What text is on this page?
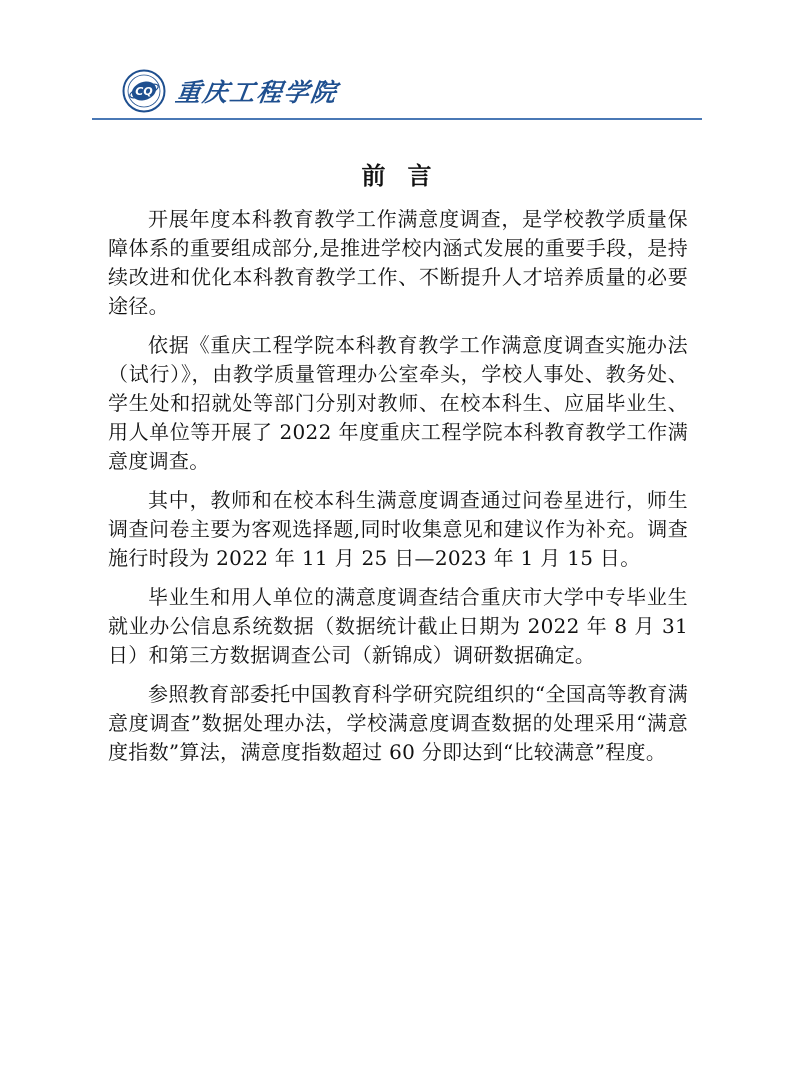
CQ 重庆工程学院
前言

开展年度本科教育教学工作满意度调查，是学校教学质量保障体系的重要组成部分,是推进学校内涵式发展的重要手段，是持续改进和优化本科教育教学工作、不断提升人才培养质量的必要途径。

依据《重庆工程学院本科教育教学工作满意度调查实施办法（试行）》，由教学质量管理办公室牵头，学校人事处、教务处、学生处和招就处等部门分别对教师、在校本科生、应届毕业生、用人单位等开展了 2022 年度重庆工程学院本科教育教学工作满意度调查。

其中，教师和在校本科生满意度调查通过问卷星进行，师生调查问卷主要为客观选择题,同时收集意见和建议作为补充。调查施行时段为 2022 年 11 月 25 日—2023 年 1 月 15 日。

毕业生和用人单位的满意度调查结合重庆市大学中专毕业生就业办公信息系统数据（数据统计截止日期为 2022 年 8 月 31 日）和第三方数据调查公司（新锦成）调研数据确定。

参照教育部委托中国教育科学研究院组织的“全国高等教育满意度调查”数据处理办法，学校满意度调查数据的处理采用“满意度指数”算法，满意度指数超过 60 分即达到“比较满意”程度。
